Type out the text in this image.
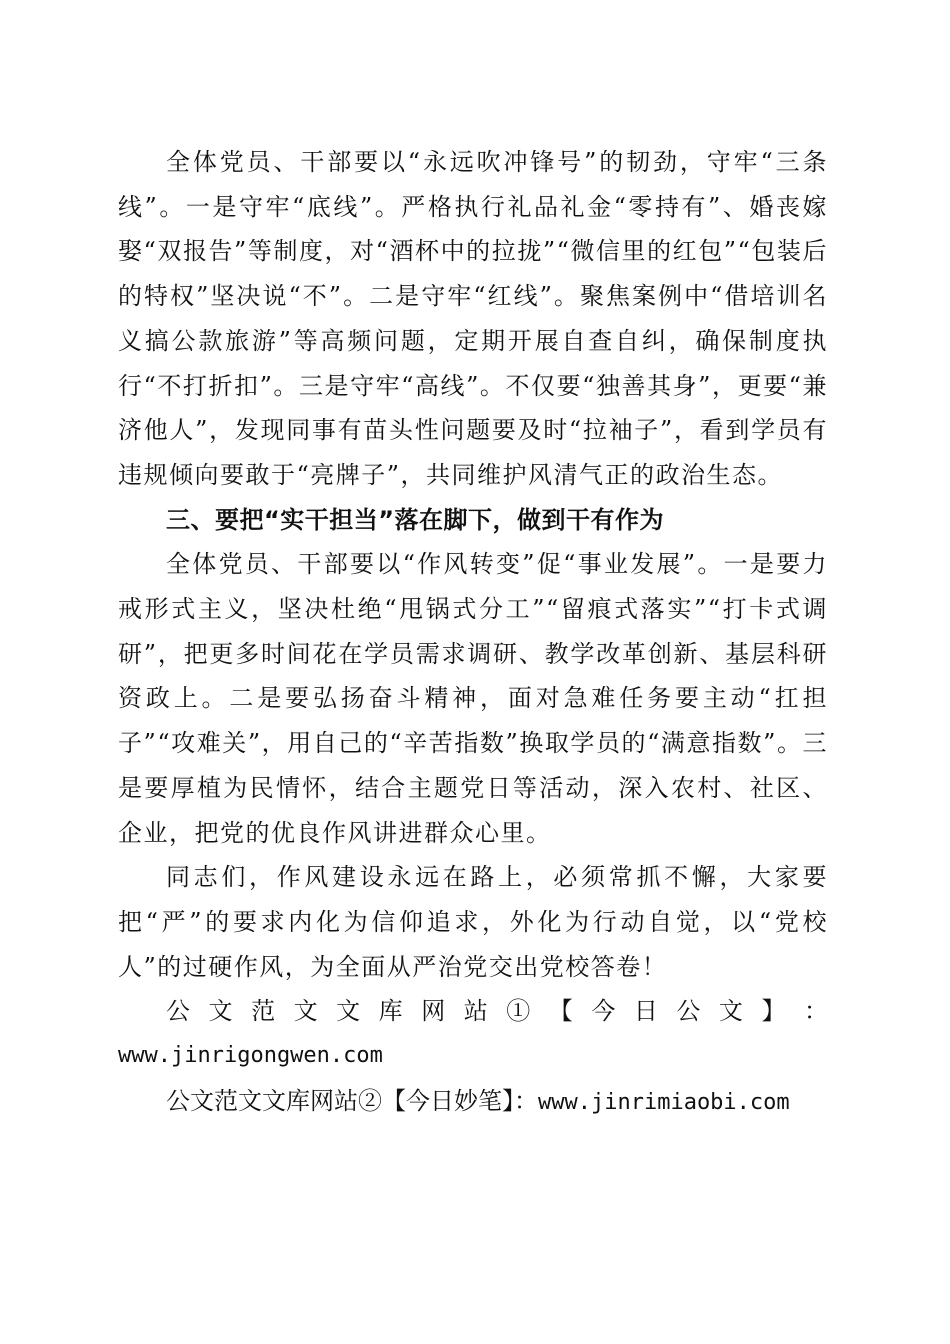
全体党员、干部要以“永远吹冲锋号”的韧劲，守牢“三条线”。一是守牢“底线”。严格执行礼品礼金“零持有”、婚丧嫁娶“双报告”等制度，对“酒杯中的拉拢”“微信里的红包”“包装后的特权”坚决说“不”。二是守牢“红线”。聚焦案例中“借培训名义搞公款旅游”等高频问题，定期开展自查自纠，确保制度执行“不打折扣”。三是守牢“高线”。不仅要“独善其身”，更要“兼济他人”，发现同事有苗头性问题要及时“拉袖子”，看到学员有违规倾向要敢于“亮牌子”，共同维护风清气正的政治生态。

三、要把“实干担当”落在脚下，做到干有作为

全体党员、干部要以“作风转变”促“事业发展”。一是要力戒形式主义，坚决杜绝“甩锅式分工”“留痕式落实”“打卡式调研”，把更多时间花在学员需求调研、教学改革创新、基层科研资政上。二是要弘扬奋斗精神，面对急难任务要主动“扛担子”“攻难关”，用自己的“辛苦指数”换取学员的“满意指数”。三是要厚植为民情怀，结合主题党日等活动，深入农村、社区、企业，把党的优良作风讲进群众心里。

同志们，作风建设永远在路上，必须常抓不懈，大家要把“严”的要求内化为信仰追求，外化为行动自觉，以“党校人”的过硬作风，为全面从严治党交出党校答卷！

公 文 范 文 文 库 网 站 ① 【 今 日 公 文 】 ：

www.jinrigongwen.com

公文范文文库网站②【今日妙笔】：www.jinrimiaobi.com
